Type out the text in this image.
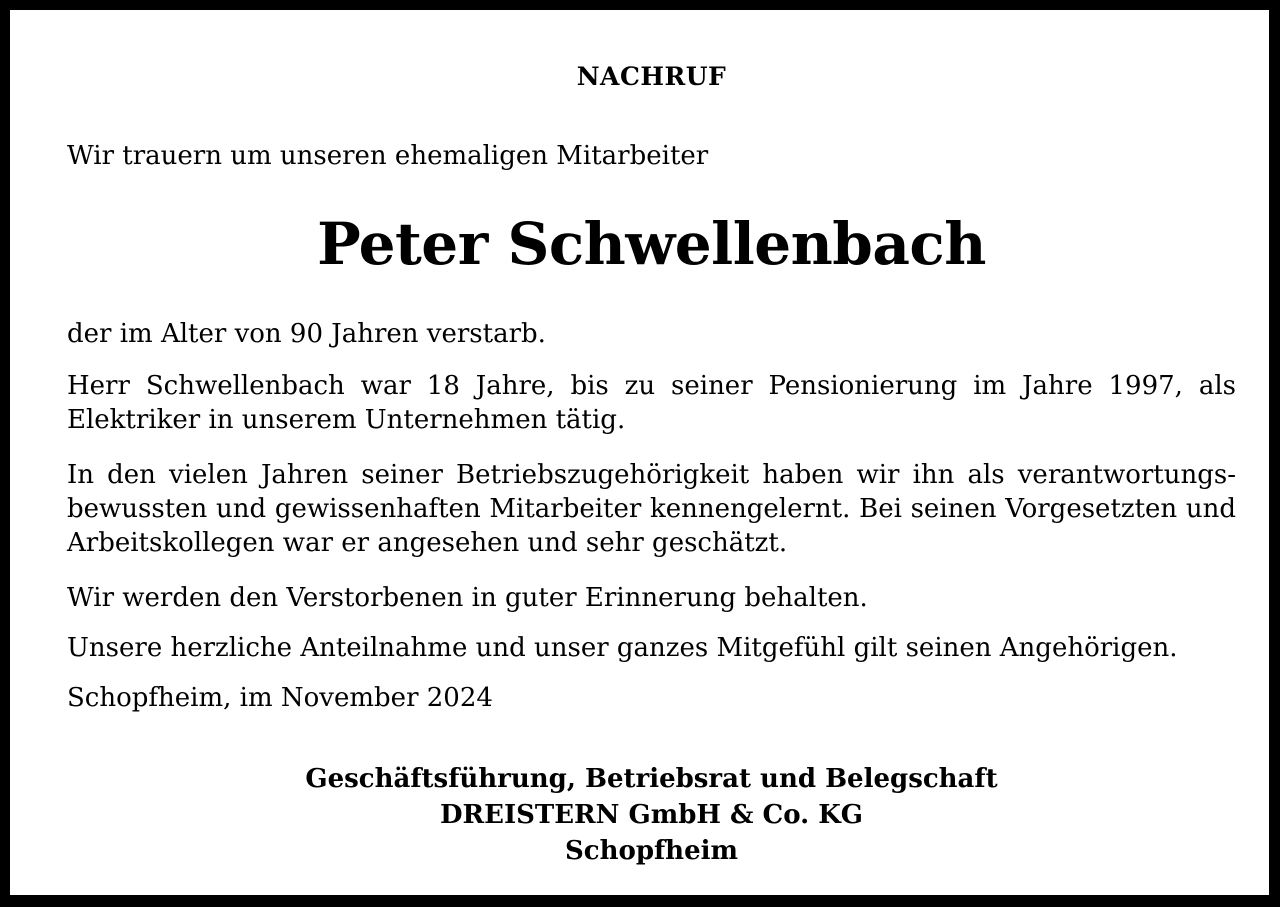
NACHRUF
Wir trauern um unseren ehemaligen Mitarbeiter
Peter Schwellenbach

der im Alter von 90 Jahren verstarb.

Herr Schwellenbach war 18 Jahre, bis zu seiner Pensionierung im Jahre 1997, als Elektriker in unserem Unternehmen tätig.

In den vielen Jahren seiner Betriebszugehörigkeit haben wir ihn als verantwortungs-bewussten und gewissenhaften Mitarbeiter kennengelernt. Bei seinen Vorgesetzten und Arbeitskollegen war er angesehen und sehr geschätzt.

Wir werden den Verstorbenen in guter Erinnerung behalten.

Unsere herzliche Anteilnahme und unser ganzes Mitgefühl gilt seinen Angehörigen.

Schopfheim, im November 2024

Geschäftsführung, Betriebsrat und Belegschaft
DREISTERN GmbH & Co. KG
Schopfheim
